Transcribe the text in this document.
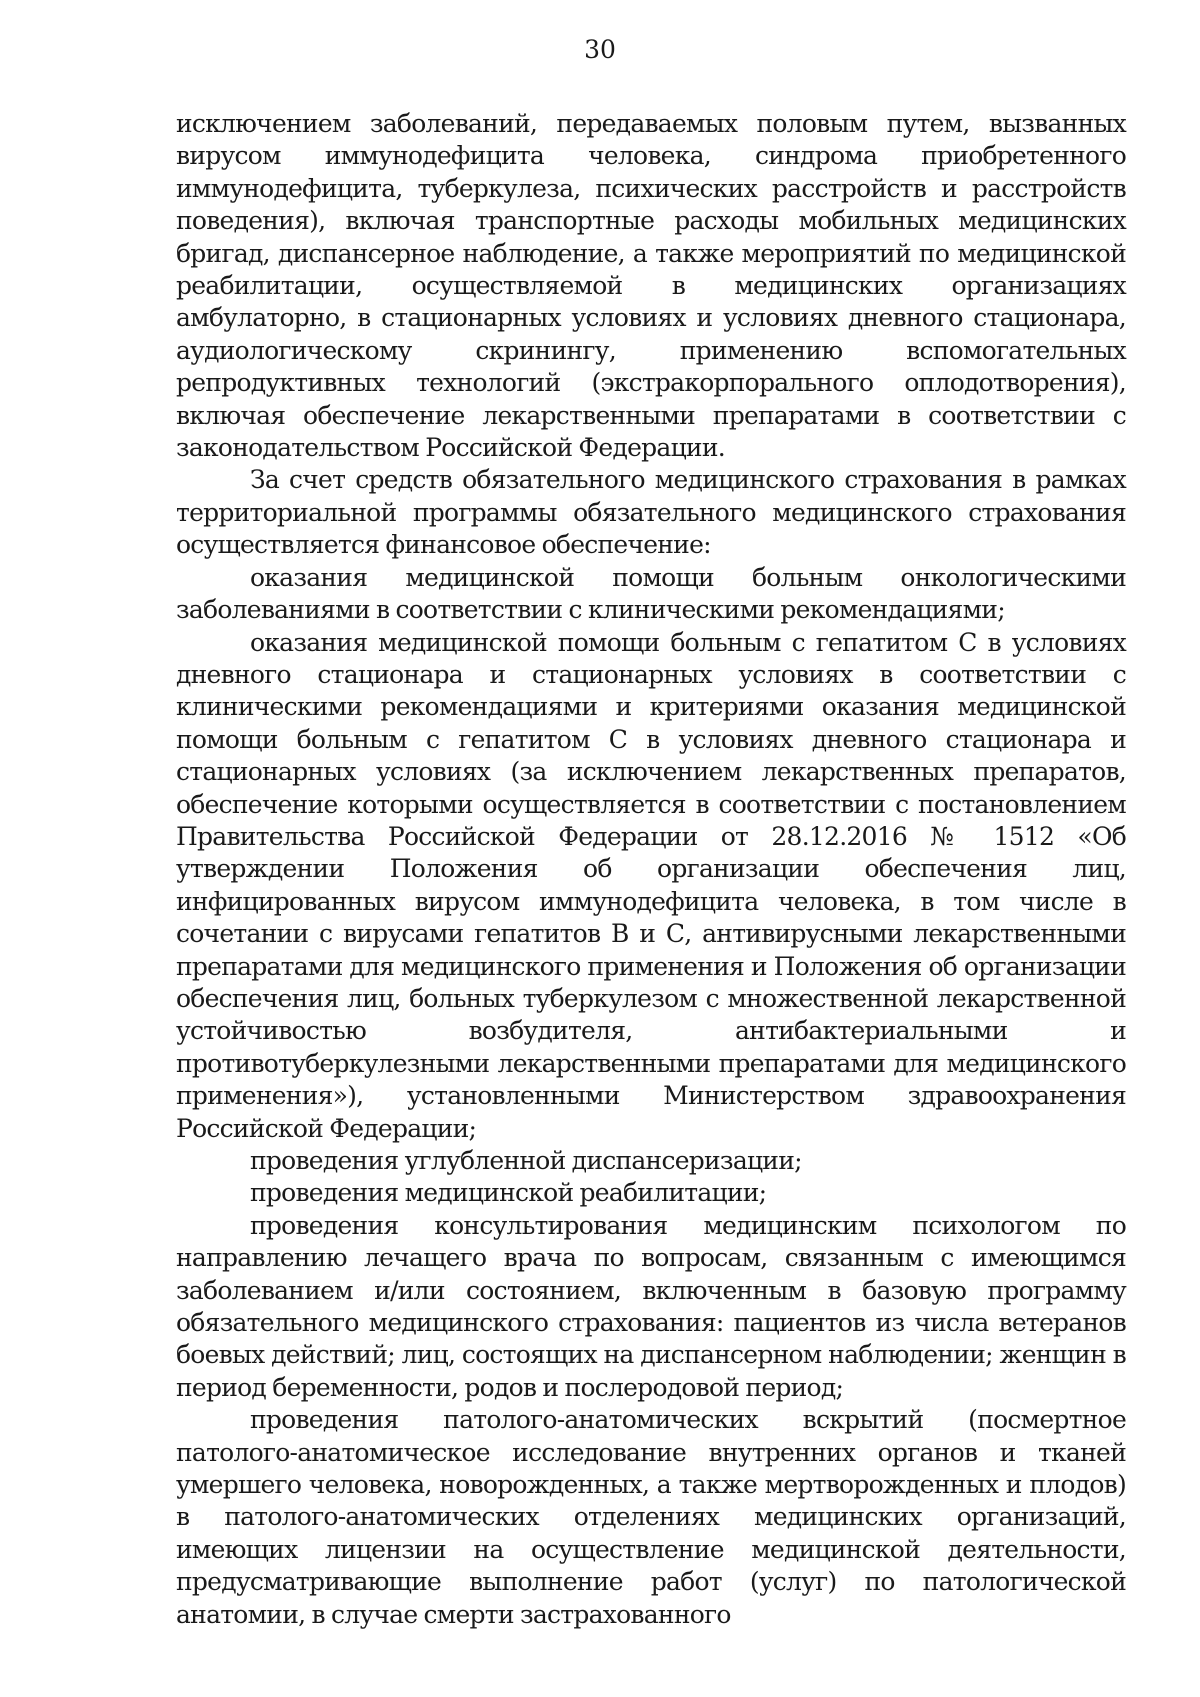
30

исключением заболеваний, передаваемых половым путем, вызванных вирусом иммунодефицита человека, синдрома приобретенного иммунодефицита, туберкулеза, психических расстройств и расстройств поведения), включая транспортные расходы мобильных медицинских бригад, диспансерное наблюдение, а также мероприятий по медицинской реабилитации, осуществляемой в медицинских организациях амбулаторно, в стационарных условиях и условиях дневного стационара, аудиологическому скринингу, применению вспомогательных репродуктивных технологий (экстракорпорального оплодотворения), включая обеспечение лекарственными препаратами в соответствии с законодательством Российской Федерации.

За счет средств обязательного медицинского страхования в рамках территориальной программы обязательного медицинского страхования осуществляется финансовое обеспечение:

оказания медицинской помощи больным онкологическими заболеваниями в соответствии с клиническими рекомендациями;

оказания медицинской помощи больным с гепатитом С в условиях дневного стационара и стационарных условиях в соответствии с клиническими рекомендациями и критериями оказания медицинской помощи больным с гепатитом С в условиях дневного стационара и стационарных условиях (за исключением лекарственных препаратов, обеспечение которыми осуществляется в соответствии с постановлением Правительства Российской Федерации от 28.12.2016 № 1512 «Об утверждении Положения об организации обеспечения лиц, инфицированных вирусом иммунодефицита человека, в том числе в сочетании с вирусами гепатитов В и С, антивирусными лекарственными препаратами для медицинского применения и Положения об организации обеспечения лиц, больных туберкулезом с множественной лекарственной устойчивостью возбудителя, антибактериальными и противотуберкулезными лекарственными препаратами для медицинского применения»), установленными Министерством здравоохранения Российской Федерации;

проведения углубленной диспансеризации;

проведения медицинской реабилитации;

проведения консультирования медицинским психологом по направлению лечащего врача по вопросам, связанным с имеющимся заболеванием и/или состоянием, включенным в базовую программу обязательного медицинского страхования: пациентов из числа ветеранов боевых действий; лиц, состоящих на диспансерном наблюдении; женщин в период беременности, родов и послеродовой период;

проведения патолого-анатомических вскрытий (посмертное патолого-анатомическое исследование внутренних органов и тканей умершего человека, новорожденных, а также мертворожденных и плодов) в патолого-анатомических отделениях медицинских организаций, имеющих лицензии на осуществление медицинской деятельности, предусматривающие выполнение работ (услуг) по патологической анатомии, в случае смерти застрахованного
